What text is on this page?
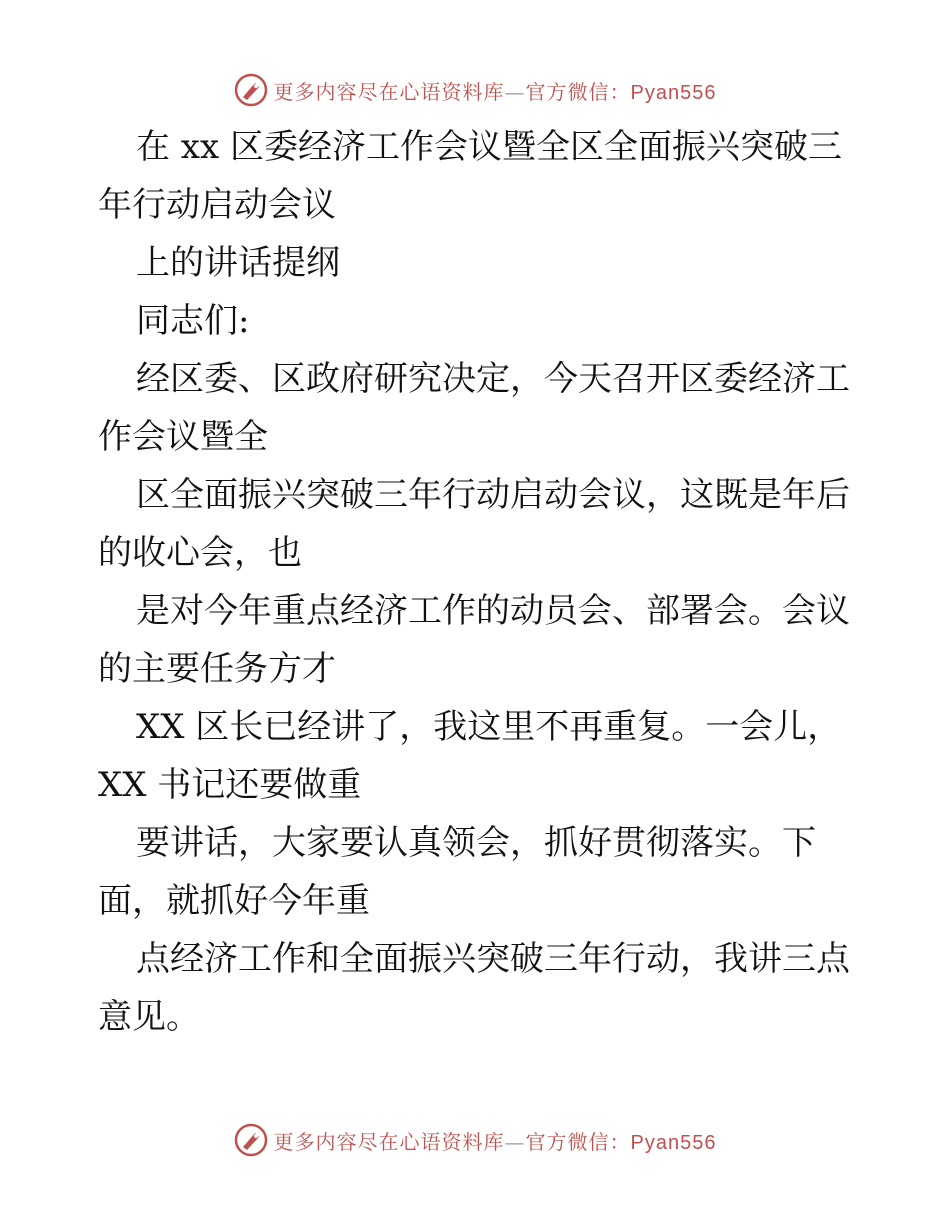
更多内容尽在心语资料库—官方微信：Pyan556
在 xx 区委经济工作会议暨全区全面振兴突破三
年行动启动会议
上的讲话提纲
同志们:
经区委、区政府研究决定，今天召开区委经济工
作会议暨全
区全面振兴突破三年行动启动会议，这既是年后
的收心会，也
是对今年重点经济工作的动员会、部署会。会议
的主要任务方才
XX 区长已经讲了，我这里不再重复。一会儿，
XX 书记还要做重
要讲话，大家要认真领会，抓好贯彻落实。下
面，就抓好今年重
点经济工作和全面振兴突破三年行动，我讲三点
意见。
更多内容尽在心语资料库—官方微信：Pyan556
